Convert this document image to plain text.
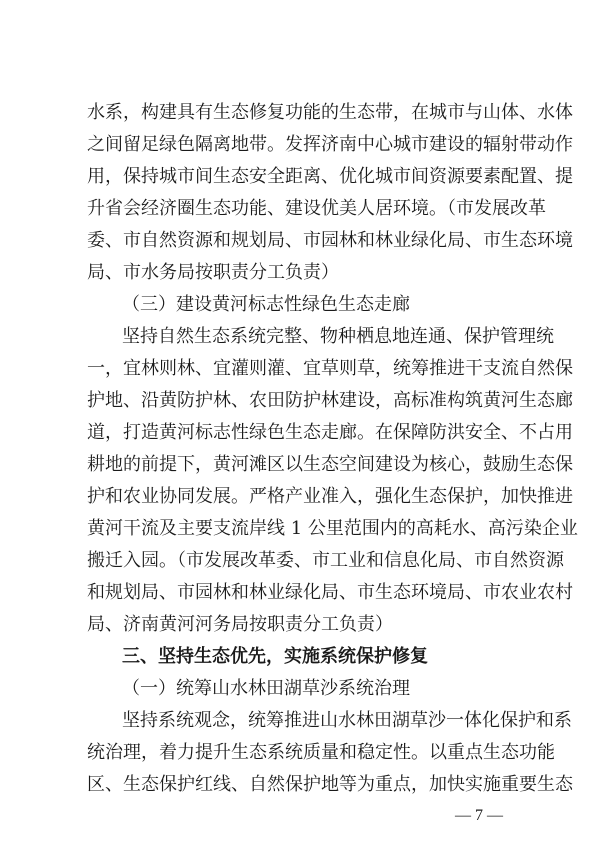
水系，构建具有生态修复功能的生态带，在城市与山体、水体
之间留足绿色隔离地带。发挥济南中心城市建设的辐射带动作
用，保持城市间生态安全距离、优化城市间资源要素配置、提
升省会经济圈生态功能、建设优美人居环境。（市发展改革
委、市自然资源和规划局、市园林和林业绿化局、市生态环境
局、市水务局按职责分工负责）
（三）建设黄河标志性绿色生态走廊
坚持自然生态系统完整、物种栖息地连通、保护管理统
一，宜林则林、宜灌则灌、宜草则草，统筹推进干支流自然保
护地、沿黄防护林、农田防护林建设，高标准构筑黄河生态廊
道，打造黄河标志性绿色生态走廊。在保障防洪安全、不占用
耕地的前提下，黄河滩区以生态空间建设为核心，鼓励生态保
护和农业协同发展。严格产业准入，强化生态保护，加快推进
黄河干流及主要支流岸线 1 公里范围内的高耗水、高污染企业
搬迁入园。（市发展改革委、市工业和信息化局、市自然资源
和规划局、市园林和林业绿化局、市生态环境局、市农业农村
局、济南黄河河务局按职责分工负责）
三、坚持生态优先，实施系统保护修复
（一）统筹山水林田湖草沙系统治理
坚持系统观念，统筹推进山水林田湖草沙一体化保护和系
统治理，着力提升生态系统质量和稳定性。以重点生态功能
区、生态保护红线、自然保护地等为重点，加快实施重要生态
— 7 —
